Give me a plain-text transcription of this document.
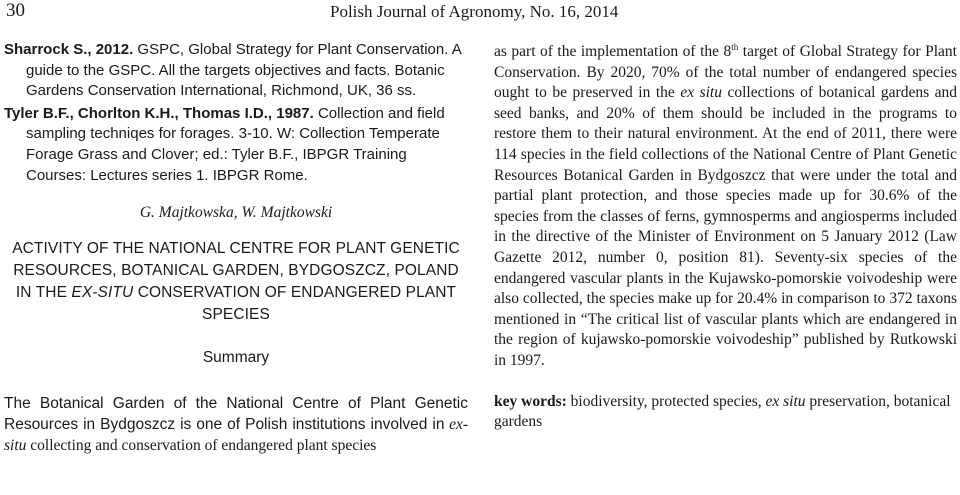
30	Polish Journal of Agronomy, No. 16, 2014

Sharrock S., 2012. GSPC, Global Strategy for Plant Conservation. A guide to the GSPC. All the targets objectives and facts. Botanic Gardens Conservation International, Richmond, UK, 36 ss.

Tyler B.F., Chorlton K.H., Thomas I.D., 1987. Collection and field sampling techniqes for forages. 3-10. W: Collection Temperate Forage Grass and Clover; ed.: Tyler B.F., IBPGR Training Courses: Lectures series 1. IBPGR Rome.

G. Majtkowska, W. Majtkowski
ACTIVITY OF THE NATIONAL CENTRE FOR PLANT GENETIC RESOURCES, BOTANICAL GARDEN, BYDGOSZCZ, POLAND IN THE EX-SITU CONSERVATION OF ENDANGERED PLANT SPECIES
Summary
The Botanical Garden of the National Centre of Plant Genetic Resources in Bydgoszcz is one of Polish institutions involved in ex-situ collecting and conservation of endangered plant species

as part of the implementation of the 8th target of Global Strategy for Plant Conservation. By 2020, 70% of the total number of endangered species ought to be preserved in the ex situ collections of botanical gardens and seed banks, and 20% of them should be included in the programs to restore them to their natural environment. At the end of 2011, there were 114 species in the field collections of the National Centre of Plant Genetic Resources Botanical Garden in Bydgoszcz that were under the total and partial plant protection, and those species made up for 30.6% of the species from the classes of ferns, gymnosperms and angiosperms included in the directive of the Minister of Environment on 5 January 2012 (Law Gazette 2012, number 0, position 81). Seventy-six species of the endangered vascular plants in the Kujawsko-pomorskie voivodeship were also collected, the species make up for 20.4% in comparison to 372 taxons mentioned in “The critical list of vascular plants which are endangered in the region of kujawsko-pomorskie voivodeship” published by Rutkowski in 1997.

key words: biodiversity, protected species, ex situ preservation, botanical gardens
